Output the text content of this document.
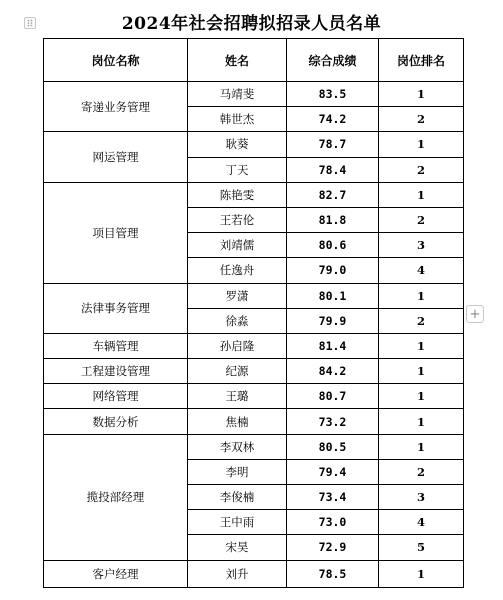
2024年社会招聘拟招录人员名单
+
岗位名称	姓名	综合成绩	岗位排名
寄递业务管理	马靖斐	83.5	1
	韩世杰	74.2	2
网运管理	耿葵	78.7	1
	丁天	78.4	2
项目管理	陈艳雯	82.7	1
	王若伦	81.8	2
	刘靖儒	80.6	3
	任逸舟	79.0	4
法律事务管理	罗潇	80.1	1
	徐淼	79.9	2
车辆管理	孙启隆	81.4	1
工程建设管理	纪源	84.2	1
网络管理	王璐	80.7	1
数据分析	焦楠	73.2	1
揽投部经理	李双林	80.5	1
	李明	79.4	2
	李俊楠	73.4	3
	王中雨	73.0	4
	宋昊	72.9	5
客户经理	刘升	78.5	1
